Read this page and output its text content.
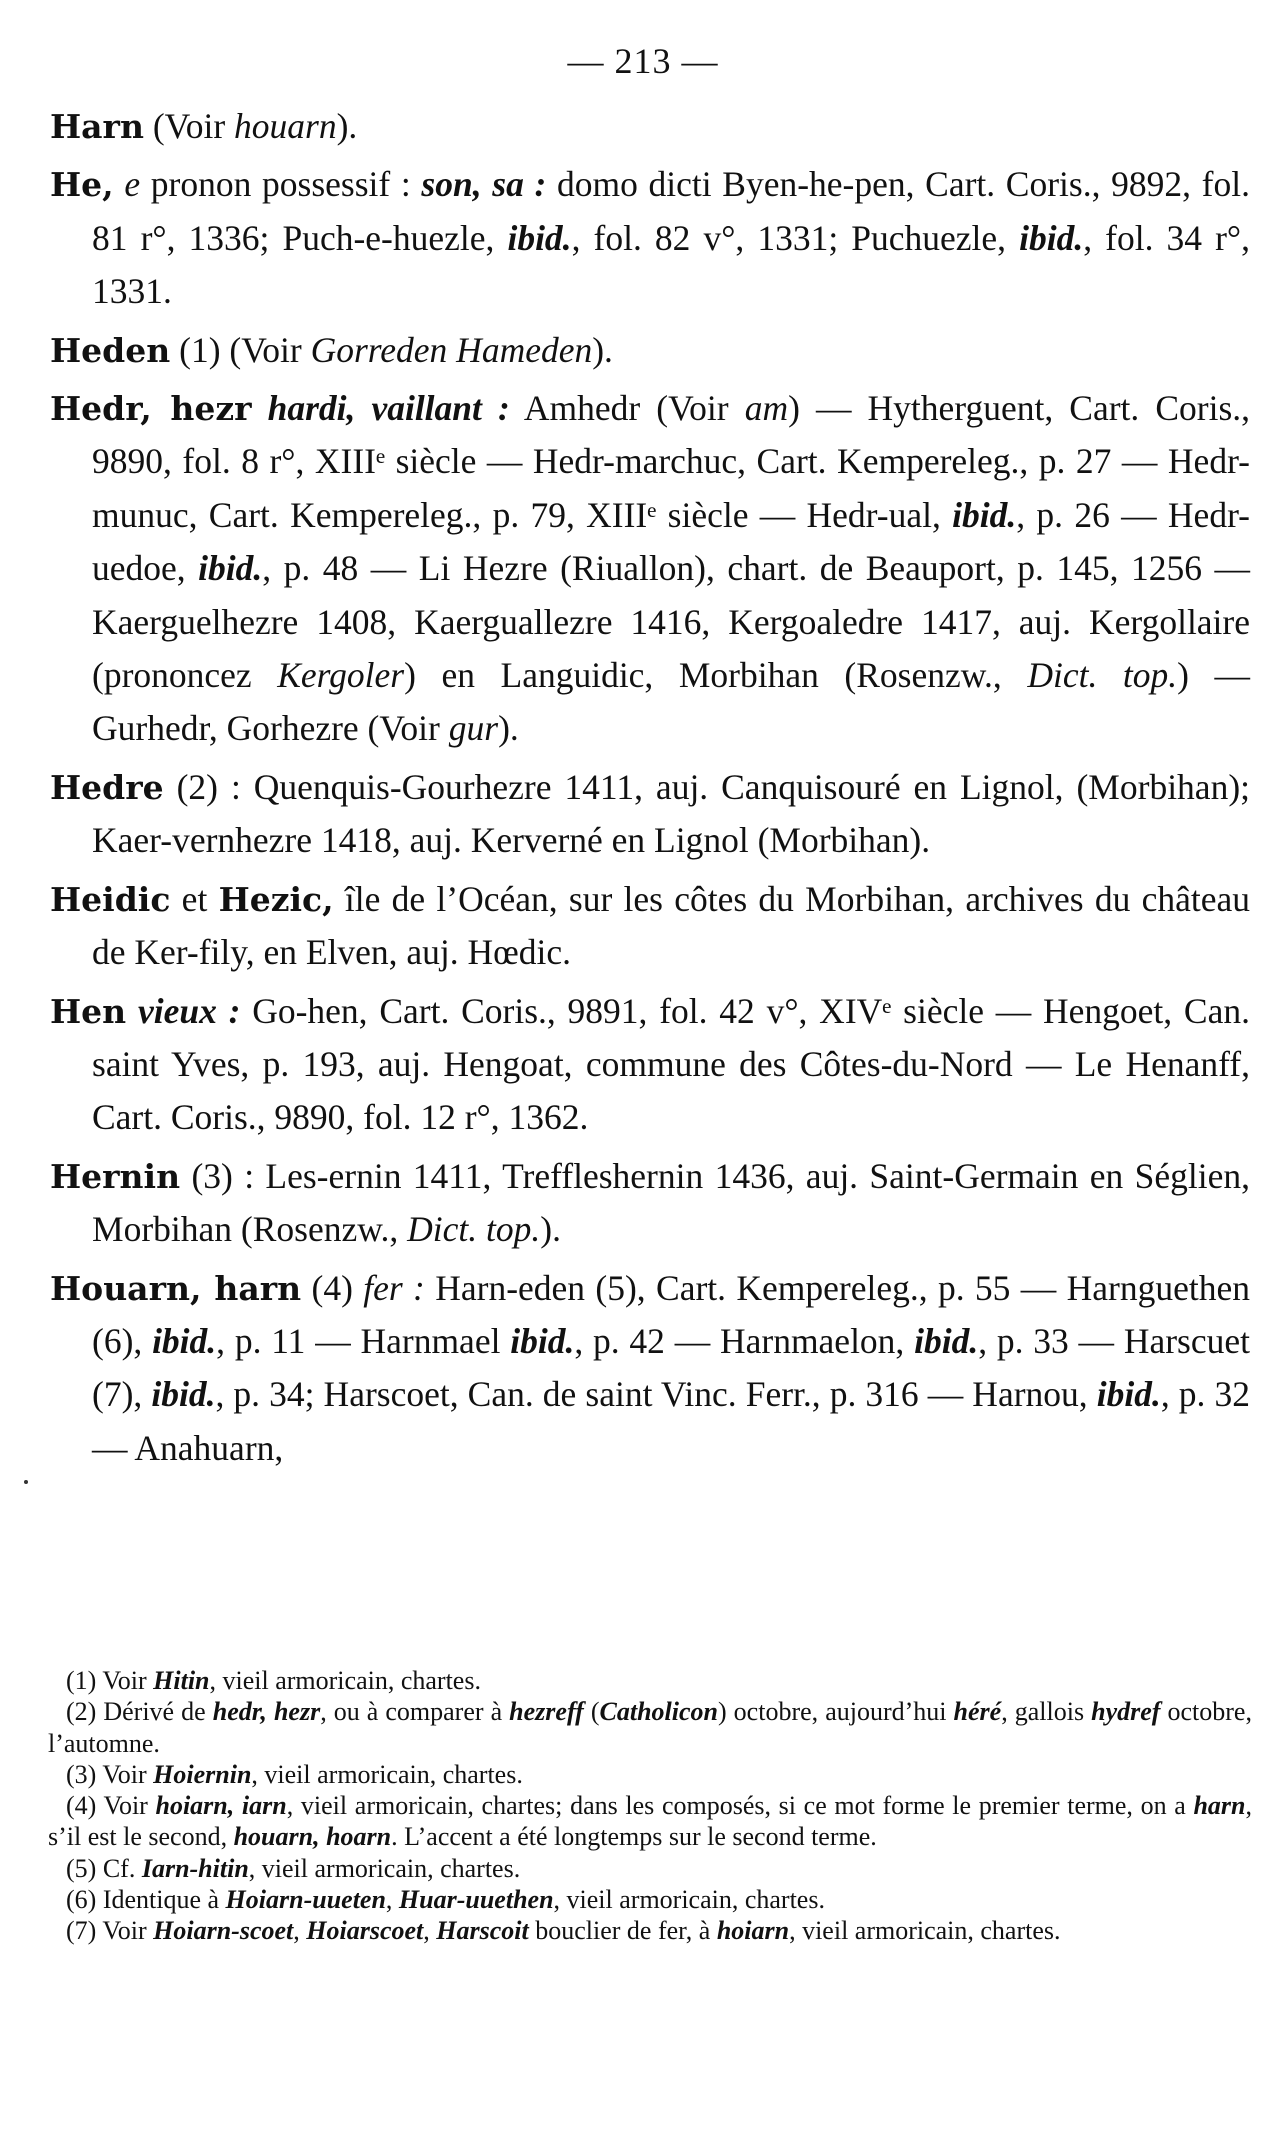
— 213 —

Harn (Voir houarn).

He, e pronon possessif : son, sa : domo dicti Byen-he-pen, Cart. Coris., 9892, fol. 81 r°, 1336; Puch-e-huezle, ibid., fol. 82 v°, 1331; Puchuezle, ibid., fol. 34 r°, 1331.

Heden (1) (Voir Gorreden Hameden).

Hedr, hezr hardi, vaillant : Amhedr (Voir am) — Hytherguent, Cart. Coris., 9890, fol. 8 r°, XIIIᵉ siècle — Hedr-marchuc, Cart. Kempereleg., p. 27 — Hedr-munuc, Cart. Kempereleg., p. 79, XIIIᵉ siècle — Hedr-ual, ibid., p. 26 — Hedr-uedoe, ibid., p. 48 — Li Hezre (Riuallon), chart. de Beauport, p. 145, 1256 — Kaerguelhezre 1408, Kaerguallezre 1416, Kergoaledre 1417, auj. Kergollaire (prononcez Kergoler) en Languidic, Morbihan (Rosenzw., Dict. top.) — Gurhedr, Gorhezre (Voir gur).

Hedre (2) : Quenquis-Gourhezre 1411, auj. Canquisouré en Lignol, (Morbihan); Kaer-vernhezre 1418, auj. Kerverné en Lignol (Morbihan).

Heidic et Hezic, île de l’Océan, sur les côtes du Morbihan, archives du château de Ker-fily, en Elven, auj. Hœdic.

Hen vieux : Go-hen, Cart. Coris., 9891, fol. 42 v°, XIVᵉ siècle — Hengoet, Can. saint Yves, p. 193, auj. Hengoat, commune des Côtes-du-Nord — Le Henanff, Cart. Coris., 9890, fol. 12 r°, 1362.

Hernin (3) : Les-ernin 1411, Treffleshernin 1436, auj. Saint-Germain en Séglien, Morbihan (Rosenzw., Dict. top.).

Houarn, harn (4) fer : Harn-eden (5), Cart. Kempereleg., p. 55 — Harnguethen (6), ibid., p. 11 — Harnmael ibid., p. 42 — Harnmaelon, ibid., p. 33 — Harscuet (7), ibid., p. 34; Harscoet, Can. de saint Vinc. Ferr., p. 316 — Harnou, ibid., p. 32 — Anahuarn,

(1) Voir Hitin, vieil armoricain, chartes.

(2) Dérivé de hedr, hezr, ou à comparer à hezreff (Catholicon) octobre, aujourd’hui héré, gallois hydref octobre, l’automne.

(3) Voir Hoiernin, vieil armoricain, chartes.

(4) Voir hoiarn, iarn, vieil armoricain, chartes; dans les composés, si ce mot forme le premier terme, on a harn, s’il est le second, houarn, hoarn. L’accent a été longtemps sur le second terme.

(5) Cf. Iarn-hitin, vieil armoricain, chartes.

(6) Identique à Hoiarn-uueten, Huar-uuethen, vieil armoricain, chartes.

(7) Voir Hoiarn-scoet, Hoiarscoet, Harscoit bouclier de fer, à hoiarn, vieil armoricain, chartes.
